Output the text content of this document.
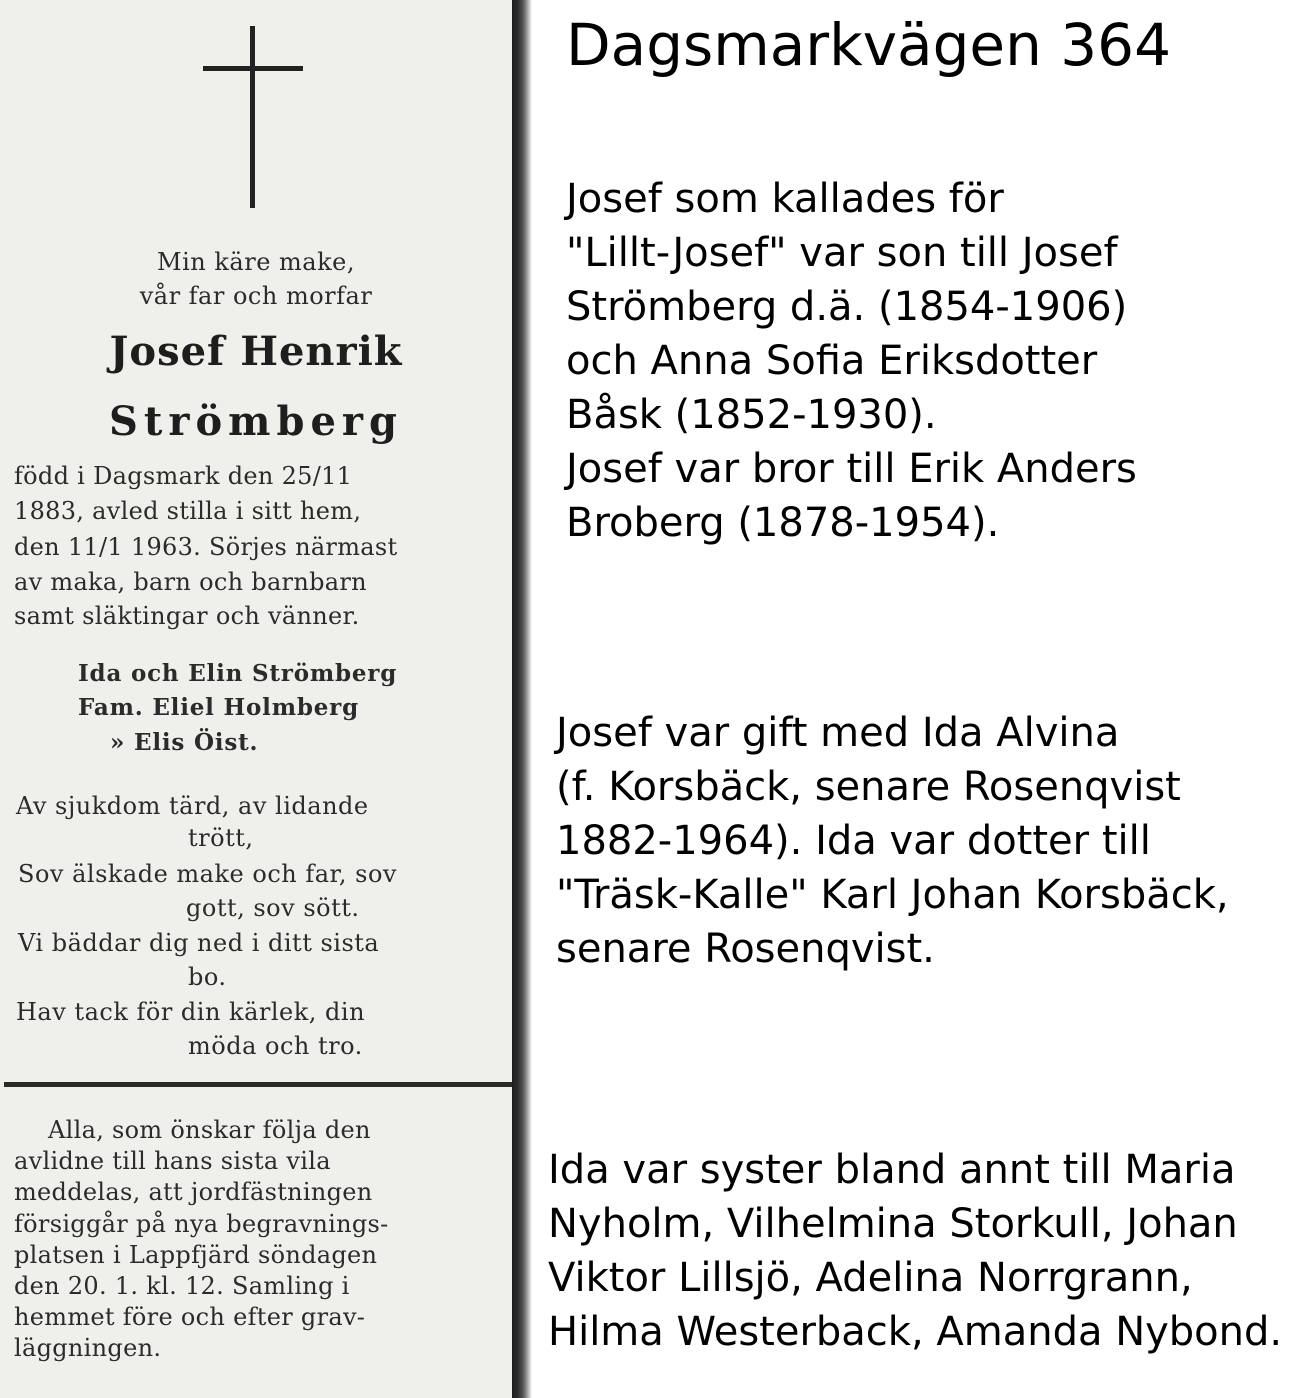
Min käre make,
vår far och morfar
Josef Henrik
Strömberg
född i Dagsmark den 25/11
1883, avled stilla i sitt hem,
den 11/1 1963. Sörjes närmast
av maka, barn och barnbarn
samt släktingar och vänner.
Ida och Elin Strömberg
Fam. Eliel Holmberg
» Elis Öist.
Av sjukdom tärd, av lidande
trött,
Sov älskade make och far, sov
gott, sov sött.
Vi bäddar dig ned i ditt sista
bo.
Hav tack för din kärlek, din
möda och tro.
Alla, som önskar följa den
avlidne till hans sista vila
meddelas, att jordfästningen
försiggår på nya begravnings-
platsen i Lappfjärd söndagen
den 20. 1. kl. 12. Samling i
hemmet före och efter grav-
läggningen.
Dagsmarkvägen 364
Josef som kallades för
"Lillt-Josef" var son till Josef
Strömberg d.ä. (1854-1906)
och Anna Sofia Eriksdotter
Båsk (1852-1930).
Josef var bror till Erik Anders
Broberg (1878-1954).
Josef var gift med Ida Alvina
(f. Korsbäck, senare Rosenqvist
1882-1964). Ida var dotter till
"Träsk-Kalle" Karl Johan Korsbäck,
senare Rosenqvist.
Ida var syster bland annt till Maria
Nyholm, Vilhelmina Storkull, Johan
Viktor Lillsjö, Adelina Norrgrann,
Hilma Westerback, Amanda Nybond.
